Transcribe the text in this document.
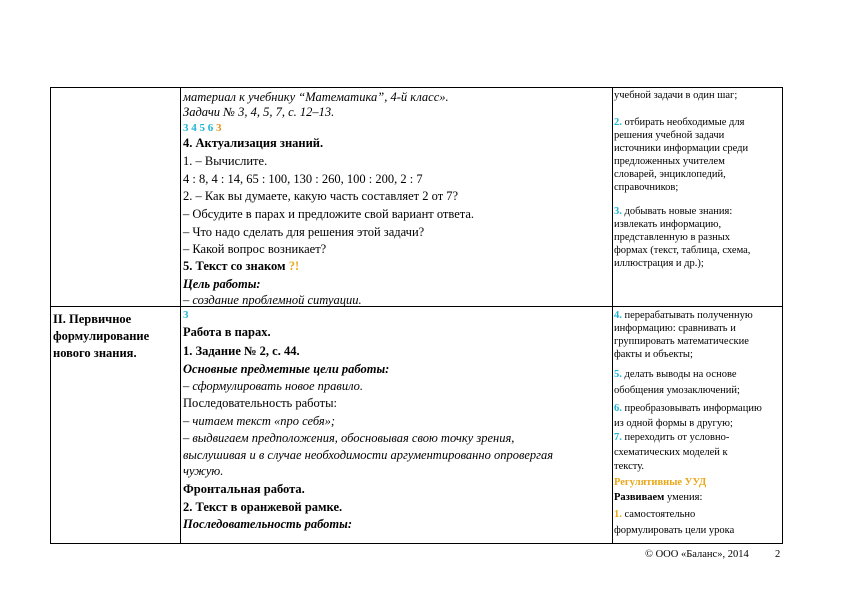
материал к учебнику “Математика”, 4-й класс».
Задачи № 3, 4, 5, 7, с. 12–13.
3 4 5 6 3
4. Актуализация знаний.
1. – Вычислите.
4 : 8, 4 : 14, 65 : 100, 130 : 260, 100 : 200, 2 : 7
2. – Как вы думаете, какую часть составляет 2 от 7?
– Обсудите в парах и предложите свой вариант ответа.
– Что надо сделать для решения этой задачи?
– Какой вопрос возникает?
5. Текст со знаком ?!
Цель работы:
– создание проблемной ситуации.
учебной задачи в один шаг;
2. отбирать необходимые для
решения учебной задачи
источники информации среди
предложенных учителем
словарей, энциклопедий,
справочников;
3. добывать новые знания:
извлекать информацию,
представленную в разных
формах (текст, таблица, схема,
иллюстрация и др.);
II. Первичное
формулирование
нового знания.
3
Работа в парах.
1. Задание № 2, с. 44.
Основные предметные цели работы:
– сформулировать новое правило.
Последовательность работы:
– читаем текст «про себя»;
– выдвигаем предположения, обосновывая свою точку зрения,
выслушивая и в случае необходимости аргументированно опровергая
чужую.
Фронтальная работа.
2. Текст в оранжевой рамке.
Последовательность работы:
4. перерабатывать полученную
информацию: сравнивать и
группировать математические
факты и объекты;
5. делать выводы на основе
обобщения умозаключений;
6. преобразовывать информацию
из одной формы в другую;
7. переходить от условно-
схематических моделей к
тексту.
Регулятивные УУД
Развиваем умения:
1. самостоятельно
формулировать цели урока
© ООО «Баланс», 2014	2
